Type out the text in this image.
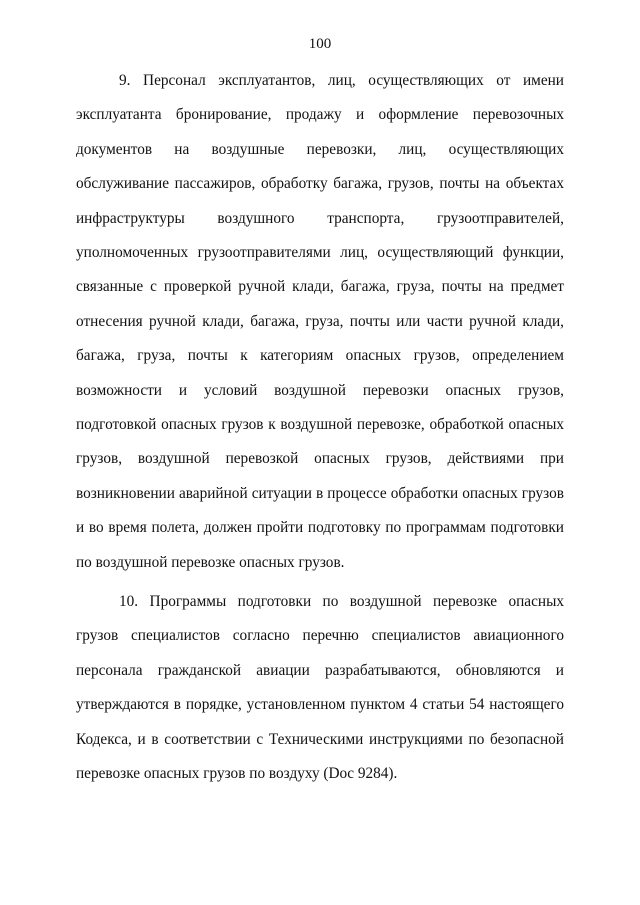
100

9. Персонал эксплуатантов, лиц, осуществляющих от имени эксплуатанта бронирование, продажу и оформление перевозочных документов на воздушные перевозки, лиц, осуществляющих обслуживание пассажиров, обработку багажа, грузов, почты на объектах инфраструктуры воздушного транспорта, грузоотправителей, уполномоченных грузоотправителями лиц, осуществляющий функции, связанные с проверкой ручной клади, багажа, груза, почты на предмет отнесения ручной клади, багажа, груза, почты или части ручной клади, багажа, груза, почты к категориям опасных грузов, определением возможности и условий воздушной перевозки опасных грузов, подготовкой опасных грузов к воздушной перевозке, обработкой опасных грузов, воздушной перевозкой опасных грузов, действиями при возникновении аварийной ситуации в процессе обработки опасных грузов и во время полета, должен пройти подготовку по программам подготовки по воздушной перевозке опасных грузов.

10. Программы подготовки по воздушной перевозке опасных грузов специалистов согласно перечню специалистов авиационного персонала гражданской авиации разрабатываются, обновляются и утверждаются в порядке, установленном пунктом 4 статьи 54 настоящего Кодекса, и в соответствии с Техническими инструкциями по безопасной перевозке опасных грузов по воздуху (Doc 9284).
